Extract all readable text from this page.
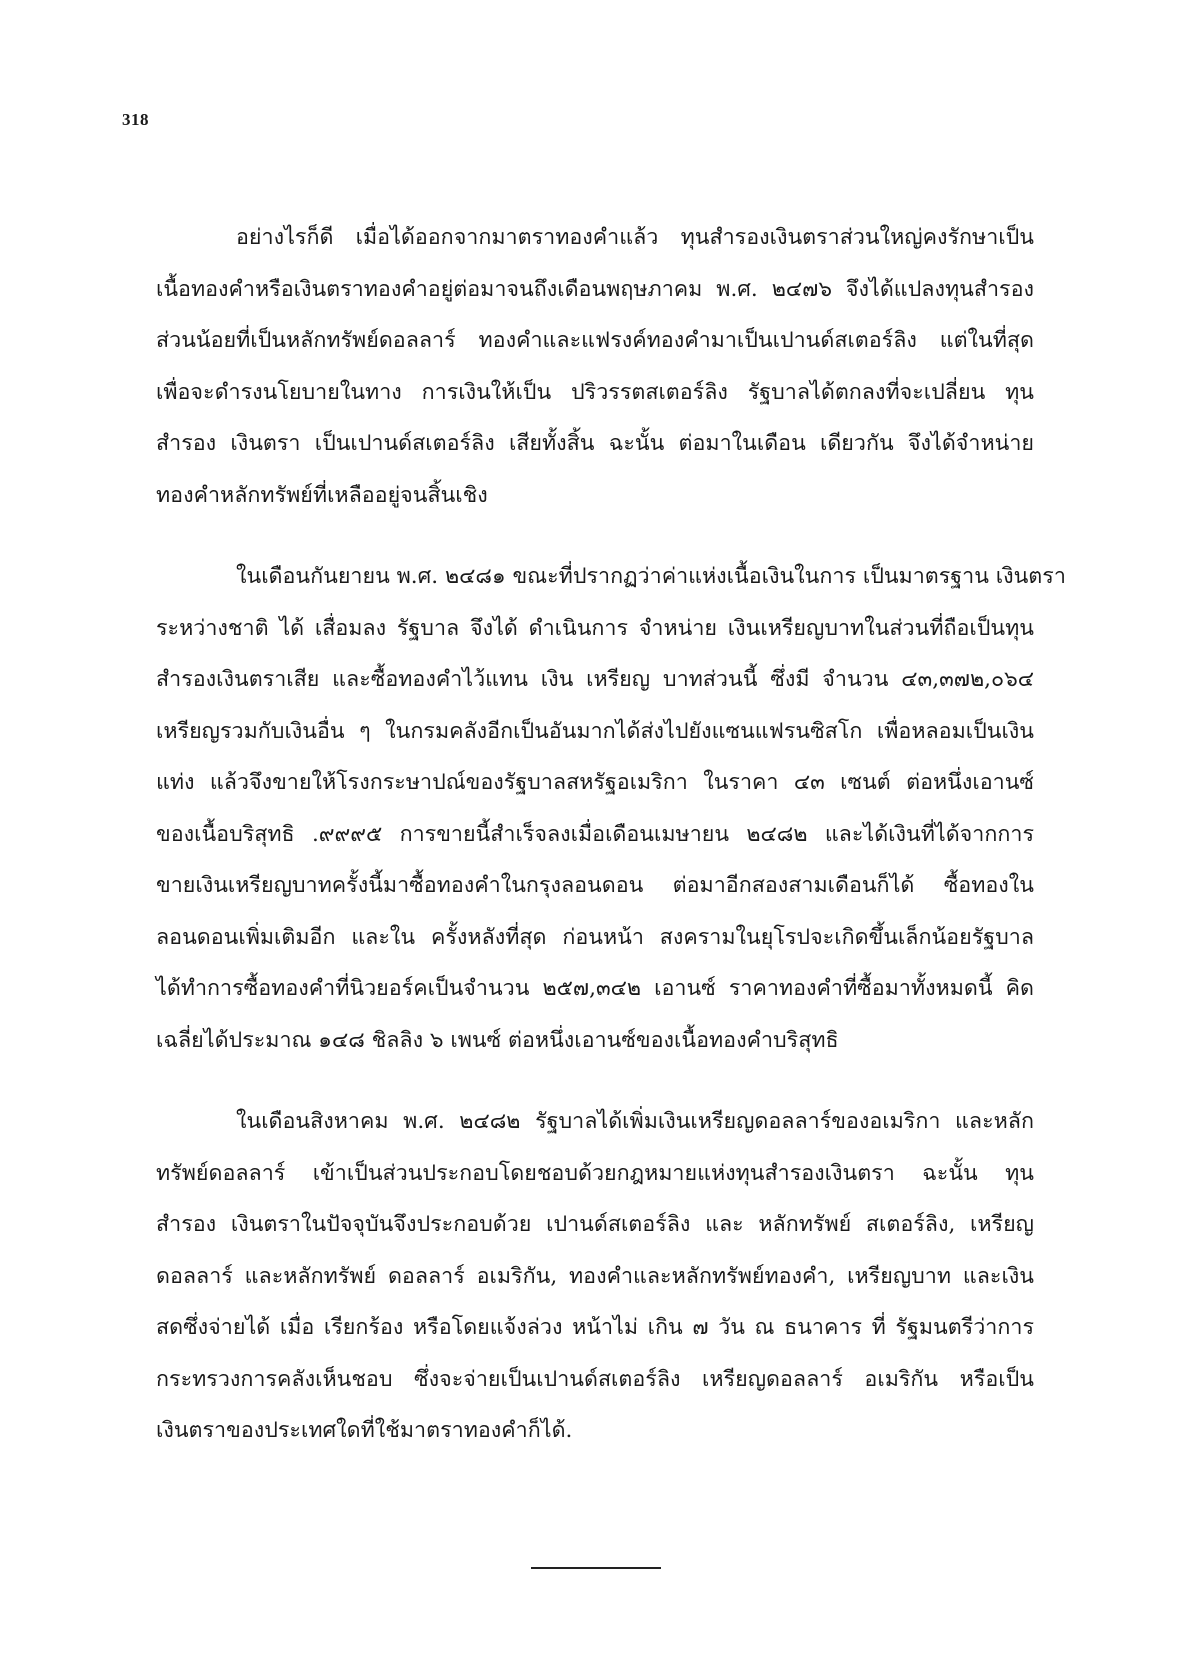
318
อย่างไรก็ดี เมื่อได้ออกจากมาตราทองคำแล้ว ทุนสำรองเงินตราส่วนใหญ่คงรักษาเป็น
เนื้อทองคำหรือเงินตราทองคำอยู่ต่อมาจนถึงเดือนพฤษภาคม พ.ศ. ๒๔๗๖ จึงได้แปลงทุนสำรอง
ส่วนน้อยที่เป็นหลักทรัพย์ดอลลาร์ ทองคำและแฟรงค์ทองคำมาเป็นเปานด์สเตอร์ลิง แต่ในที่สุด
เพื่อจะดำรงนโยบายในทาง การเงินให้เป็น ปริวรรตสเตอร์ลิง รัฐบาลได้ตกลงที่จะเปลี่ยน ทุน
สำรอง เงินตรา เป็นเปานด์สเตอร์ลิง เสียทั้งสิ้น ฉะนั้น ต่อมาในเดือน เดียวกัน จึงได้จำหน่าย
ทองคำหลักทรัพย์ที่เหลืออยู่จนสิ้นเชิง
ในเดือนกันยายน พ.ศ. ๒๔๘๑ ขณะที่ปรากฏว่าค่าแห่งเนื้อเงินในการ เป็นมาตรฐาน เงินตรา
ระหว่างชาติ ได้ เสื่อมลง รัฐบาล จึงได้ ดำเนินการ จำหน่าย เงินเหรียญบาทในส่วนที่ถือเป็นทุน
สำรองเงินตราเสีย และซื้อทองคำไว้แทน เงิน เหรียญ บาทส่วนนี้ ซึ่งมี จำนวน ๔๓,๓๗๒,๐๖๔
เหรียญรวมกับเงินอื่น ๆ ในกรมคลังอีกเป็นอันมากได้ส่งไปยังแซนแฟรนซิสโก เพื่อหลอมเป็นเงิน
แท่ง แล้วจึงขายให้โรงกระษาปณ์ของรัฐบาลสหรัฐอเมริกา ในราคา ๔๓ เซนต์ ต่อหนึ่งเอานซ์
ของเนื้อบริสุทธิ .๙๙๙๕ การขายนี้สำเร็จลงเมื่อเดือนเมษายน ๒๔๘๒ และได้เงินที่ได้จากการ
ขายเงินเหรียญบาทครั้งนี้มาซื้อทองคำในกรุงลอนดอน ต่อมาอีกสองสามเดือนก็ได้ ซื้อทองใน
ลอนดอนเพิ่มเติมอีก และใน ครั้งหลังที่สุด ก่อนหน้า สงครามในยุโรปจะเกิดขึ้นเล็กน้อยรัฐบาล
ได้ทำการซื้อทองคำที่นิวยอร์คเป็นจำนวน ๒๕๗,๓๔๒ เอานซ์ ราคาทองคำที่ซื้อมาทั้งหมดนี้ คิด
เฉลี่ยได้ประมาณ ๑๔๘ ชิลลิง ๖ เพนซ์ ต่อหนึ่งเอานซ์ของเนื้อทองคำบริสุทธิ
ในเดือนสิงหาคม พ.ศ. ๒๔๘๒ รัฐบาลได้เพิ่มเงินเหรียญดอลลาร์ของอเมริกา และหลัก
ทรัพย์ดอลลาร์ เข้าเป็นส่วนประกอบโดยชอบด้วยกฎหมายแห่งทุนสำรองเงินตรา ฉะนั้น ทุน
สำรอง เงินตราในปัจจุบันจึงประกอบด้วย เปานด์สเตอร์ลิง และ หลักทรัพย์ สเตอร์ลิง, เหรียญ
ดอลลาร์ และหลักทรัพย์ ดอลลาร์ อเมริกัน, ทองคำและหลักทรัพย์ทองคำ, เหรียญบาท และเงิน
สดซึ่งจ่ายได้ เมื่อ เรียกร้อง หรือโดยแจ้งล่วง หน้าไม่ เกิน ๗ วัน ณ ธนาคาร ที่ รัฐมนตรีว่าการ
กระทรวงการคลังเห็นชอบ ซึ่งจะจ่ายเป็นเปานด์สเตอร์ลิง เหรียญดอลลาร์ อเมริกัน หรือเป็น
เงินตราของประเทศใดที่ใช้มาตราทองคำก็ได้.
